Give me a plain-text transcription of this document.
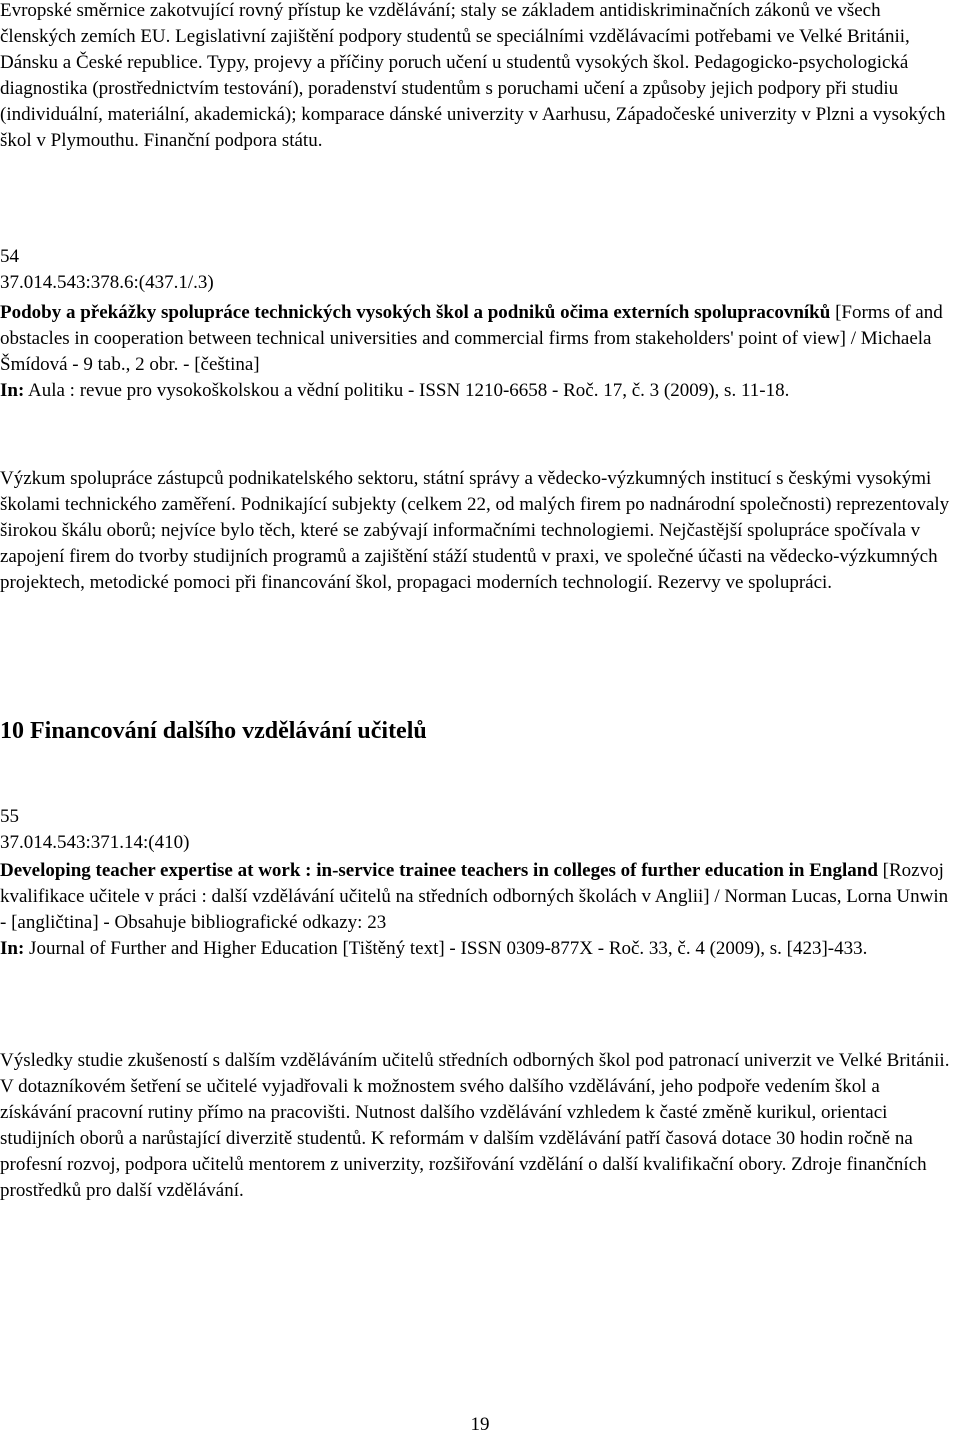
Evropské směrnice zakotvující rovný přístup ke vzdělávání; staly se základem antidiskriminačních zákonů ve všech členských zemích EU. Legislativní zajištění podpory studentů se speciálními vzdělávacími potřebami ve Velké Británii, Dánsku a České republice. Typy, projevy a příčiny poruch učení u studentů vysokých škol. Pedagogicko-psychologická diagnostika (prostřednictvím testování), poradenství studentům s poruchami učení a způsoby jejich podpory při studiu (individuální, materiální, akademická); komparace dánské univerzity v Aarhusu, Západočeské univerzity v Plzni a vysokých škol v Plymouthu. Finanční podpora státu.

54
37.014.543:378.6:(437.1/.3)

Podoby a překážky spolupráce technických vysokých škol a podniků očima externích spolupracovníků [Forms of and obstacles in cooperation between technical universities and commercial firms from stakeholders' point of view] / Michaela Šmídová - 9 tab., 2 obr. - [čeština]
In: Aula : revue pro vysokoškolskou a vědní politiku - ISSN 1210-6658 - Roč. 17, č. 3 (2009), s. 11-18.

Výzkum spolupráce zástupců podnikatelského sektoru, státní správy a vědecko-výzkumných institucí s českými vysokými školami technického zaměření. Podnikající subjekty (celkem 22, od malých firem po nadnárodní společnosti) reprezentovaly širokou škálu oborů; nejvíce bylo těch, které se zabývají informačními technologiemi. Nejčastější spolupráce spočívala v zapojení firem do tvorby studijních programů a zajištění stáží studentů v praxi, ve společné účasti na vědecko-výzkumných projektech, metodické pomoci při financování škol, propagaci moderních technologií. Rezervy ve spolupráci.

10 Financování dalšího vzdělávání učitelů
55
37.014.543:371.14:(410)

Developing teacher expertise at work : in-service trainee teachers in colleges of further education in England [Rozvoj kvalifikace učitele v práci : další vzdělávání učitelů na středních odborných školách v Anglii] / Norman Lucas, Lorna Unwin - [angličtina] - Obsahuje bibliografické odkazy: 23
In: Journal of Further and Higher Education [Tištěný text] - ISSN 0309-877X - Roč. 33, č. 4 (2009), s. [423]-433.

Výsledky studie zkušeností s dalším vzděláváním učitelů středních odborných škol pod patronací univerzit ve Velké Británii. V dotazníkovém šetření se učitelé vyjadřovali k možnostem svého dalšího vzdělávání, jeho podpoře vedením škol a získávání pracovní rutiny přímo na pracovišti. Nutnost dalšího vzdělávání vzhledem k časté změně kurikul, orientaci studijních oborů a narůstající diverzitě studentů. K reformám v dalším vzdělávání patří časová dotace 30 hodin ročně na profesní rozvoj, podpora učitelů mentorem z univerzity, rozšiřování vzdělání o další kvalifikační obory. Zdroje finančních prostředků pro další vzdělávání.

19
